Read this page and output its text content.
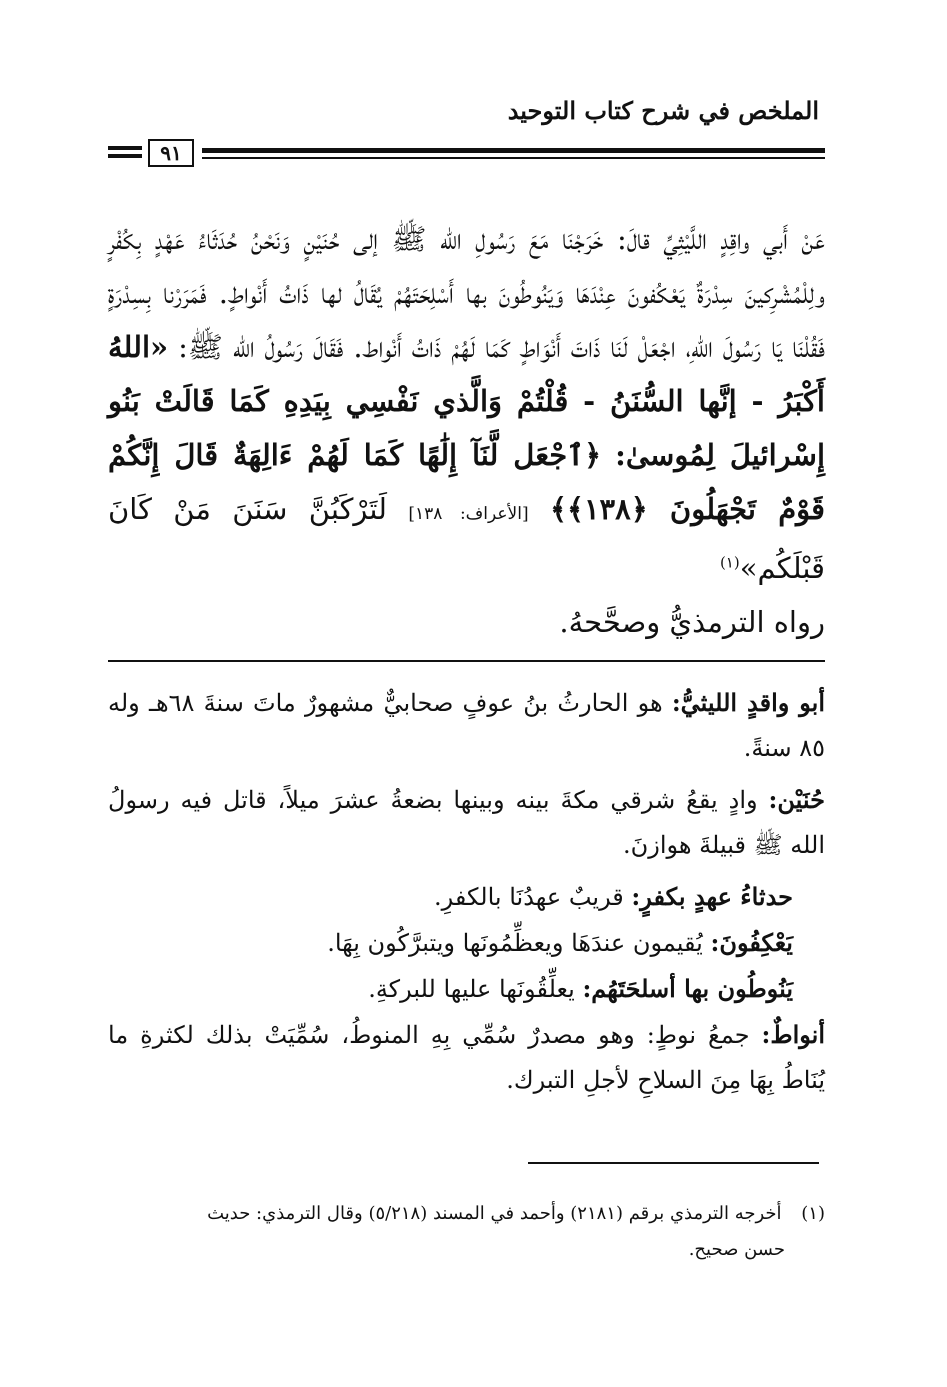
الملخص في شرح كتاب التوحيد
٩١

عَنْ أَبي واقِدٍ اللَّيْثِيِّ قالَ: خَرَجْنَا مَعَ رَسُولِ الله ﷺ إلى حُنَيْنٍ وَنَحْنُ حُدَثَاءُ عَهْدٍ بِكُفْرٍ ولِلْمُشْرِكينَ سِدْرَةٌ يَعْكُفونَ عِنْدَهَا وَيَنُوطُونَ بها أَسْلِحَتَهُمْ يُقَالُ لها ذَاتُ أَنْواطٍ. فَمَرَرْنا بِسِدْرَةٍ فَقُلْنَا يَا رَسُولَ اللهِ، اجْعَلْ لَنَا ذَاتَ أَنْوَاطٍ كَمَا لَهُمْ ذَاتُ أَنْواط. فَقَالَ رَسُولُ الله ﷺ: «اللهُ أَكْبَرُ - إنَّها السُّنَنُ - قُلْتُمْ وَالَّذي نَفْسِي بِيَدِهِ كَمَا قَالَتْ بَنُو إِسْرائيلَ لِمُوسىٰ: ﴿ٱجْعَل لَّنَآ إِلَٰهًا كَمَا لَهُمْ ءَالِهَةٌ قَالَ إِنَّكُمْ قَوْمٌ تَجْهَلُونَ ﴿١٣٨﴾﴾ [الأعراف: ١٣٨] لَتَرْكَبُنَّ سَنَنَ مَنْ كَانَ قَبْلَكُم»$^{(١)}$

رواه الترمذيُّ وصحَّحهُ.

أبو واقدٍ الليثيُّ: هو الحارثُ بنُ عوفٍ صحابيٌّ مشهورٌ ماتَ سنةَ ٦٨هـ وله ٨٥ سنةً.

حُنَيْن: وادٍ يقعُ شرقي مكةَ بينه وبينها بضعةُ عشرَ ميلاً، قاتل فيه رسولُ الله ﷺ قبيلةَ هوازنَ.

حدثاءُ عهدٍ بكفرٍ: قريبٌ عهدُنَا بالكفرِ.

يَعْكِفُونَ: يُقيمون عندَهَا ويعظِّمُونَها ويتبرَّكُون بِهَا.

يَنُوطُون بها أسلحَتَهُم: يعلِّقُونَها عليها للبركةِ.

أنواطٌ: جمعُ نوطٍ: وهو مصدرٌ سُمِّي بِهِ المنوطُ، سُمِّيَتْ بذلك لكثرةِ ما يُنَاطُ بِهَا مِنَ السلاحِ لأجلِ التبرك.

(١) أخرجه الترمذي برقم (٢١٨١) وأحمد في المسند (٥/٢١٨) وقال الترمذي: حديث
حسن صحيح.
